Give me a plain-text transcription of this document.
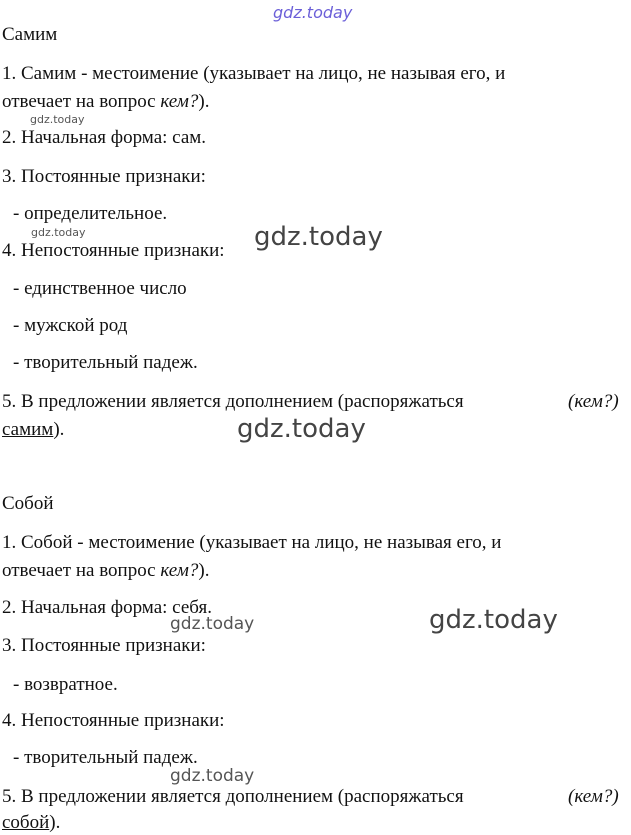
gdz.today
gdz.today
gdz.today	gdz.today
gdz.today
gdz.today	gdz.today
gdz.today
Самим
1. Самим - местоимение (указывает на лицо, не называя его, и
отвечает на вопрос кем?).
2. Начальная форма: сам.
3. Постоянные признаки:
- определительное.
4. Непостоянные признаки:
- единственное число
- мужской род
- творительный падеж.
5. В предложении является дополнением (распоряжаться	(кем?)
самим).
Собой
1. Собой - местоимение (указывает на лицо, не называя его, и
отвечает на вопрос кем?).
2. Начальная форма: себя.
3. Постоянные признаки:
- возвратное.
4. Непостоянные признаки:
- творительный падеж.
5. В предложении является дополнением (распоряжаться	(кем?)
собой).
